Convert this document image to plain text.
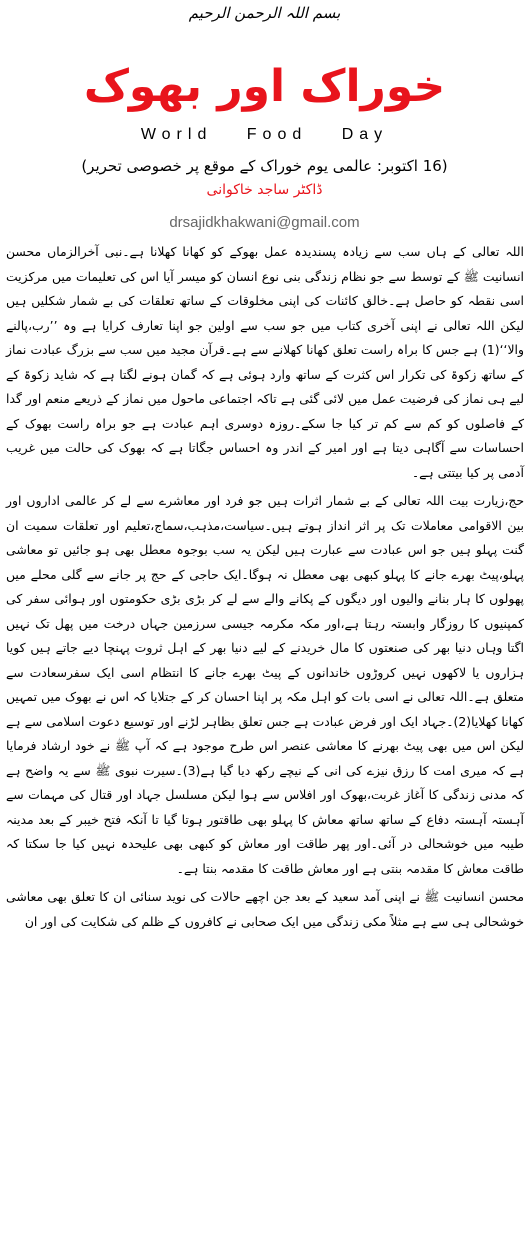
بسم اللہ الرحمن الرحیم
خوراک اور بھوک
World Food Day
(16 اکتوبر: عالمی یوم خوراک کے موقع پر خصوصی تحریر)
ڈاکٹر ساجد خاکوانی
drsajidkhakwani@gmail.com

اللہ تعالی کے ہاں سب سے زیادہ پسندیدہ عمل بھوکے کو کھانا کھلانا ہے۔نبی آخرالزماں محسن انسانیت ﷺ کے توسط سے جو نظام زندگی بنی نوع انسان کو میسر آیا اس کی تعلیمات میں مرکزیت اسی نقطہ کو حاصل ہے۔خالق کائنات کی اپنی مخلوقات کے ساتھ تعلقات کی بے شمار شکلیں ہیں لیکن اللہ تعالی نے اپنی آخری کتاب میں جو سب سے اولین جو اپنا تعارف کرایا ہے وہ ’’رب،پالنے والا‘‘(1) ہے جس کا براہ راست تعلق کھانا کھلانے سے ہے۔قرآن مجید میں سب سے بزرگ عبادت نماز کے ساتھ زکوۃ کی تکرار اس کثرت کے ساتھ وارد ہوئی ہے کہ گمان ہونے لگتا ہے کہ شاید زکوۃ کے لیے ہی نماز کی فرضیت عمل میں لائی گئی ہے تاکہ اجتماعی ماحول میں نماز کے ذریعے منعم اور گدا کے فاصلوں کو کم سے کم تر کیا جا سکے۔روزہ دوسری اہم عبادت ہے جو براہ راست بھوک کے احساسات سے آگاہی دیتا ہے اور امیر کے اندر وہ احساس جگاتا ہے کہ بھوک کی حالت میں غریب آدمی پر کیا بیتتی ہے۔

حج،زیارت بیت اللہ تعالی کے بے شمار اثرات ہیں جو فرد اور معاشرے سے لے کر عالمی اداروں اور بین الاقوامی معاملات تک پر اثر انداز ہوتے ہیں۔سیاست،مذہب،سماج،تعلیم اور تعلقات سمیت ان گنت پہلو ہیں جو اس عبادت سے عبارت ہیں لیکن یہ سب بوجوہ معطل بھی ہو جائیں تو معاشی پہلو،پیٹ بھرے جانے کا پہلو کبھی بھی معطل نہ ہوگا۔ایک حاجی کے حج پر جانے سے گلی محلے میں پھولوں کا ہار بنانے والیوں اور دیگوں کے پکانے والے سے لے کر بڑی بڑی حکومتوں اور ہوائی سفر کی کمپنیوں کا روزگار وابستہ رہتا ہے،اور مکہ مکرمہ جیسی سرزمین جہاں درخت میں پھل تک نہیں اگتا وہاں دنیا بھر کی صنعتوں کا مال خریدنے کے لیے دنیا بھر کے اہل ثروت پہنچا دیے جاتے ہیں کویا ہزاروں یا لاکھوں نہیں کروڑوں خاندانوں کے پیٹ بھرے جانے کا انتظام اسی ایک سفرسعادت سے متعلق ہے۔اللہ تعالی نے اسی بات کو اہل مکہ پر اپنا احسان کر کے جتلایا کہ اس نے بھوک میں تمہیں کھانا کھلایا(2)۔جہاد ایک اور فرض عبادت ہے جس تعلق بظاہر لڑنے اور توسیع دعوت اسلامی سے ہے لیکن اس میں بھی پیٹ بھرنے کا معاشی عنصر اس طرح موجود ہے کہ آپ ﷺ نے خود ارشاد فرمایا ہے کہ میری امت کا رزق نیزے کی انی کے نیچے رکھ دیا گیا ہے(3)۔سیرت نبوی ﷺ سے یہ واضح ہے کہ مدنی زندگی کا آغاز غربت،بھوک اور افلاس سے ہوا لیکن مسلسل جہاد اور قتال کی مہمات سے آہستہ آہستہ دفاع کے ساتھ ساتھ معاش کا پہلو بھی طاقتور ہوتا گیا تا آنکہ فتح خیبر کے بعد مدینہ طیبہ میں خوشحالی در آئی۔اور پھر طاقت اور معاش کو کبھی بھی علیحدہ نہیں کیا جا سکتا کہ طاقت معاش کا مقدمہ بنتی ہے اور معاش طاقت کا مقدمہ بنتا ہے۔

محسن انسانیت ﷺ نے اپنی آمد سعید کے بعد جن اچھے حالات کی نوید سنائی ان کا تعلق بھی معاشی خوشحالی ہی سے ہے مثلاً مکی زندگی میں ایک صحابی نے کافروں کے ظلم کی شکایت کی اور ان
